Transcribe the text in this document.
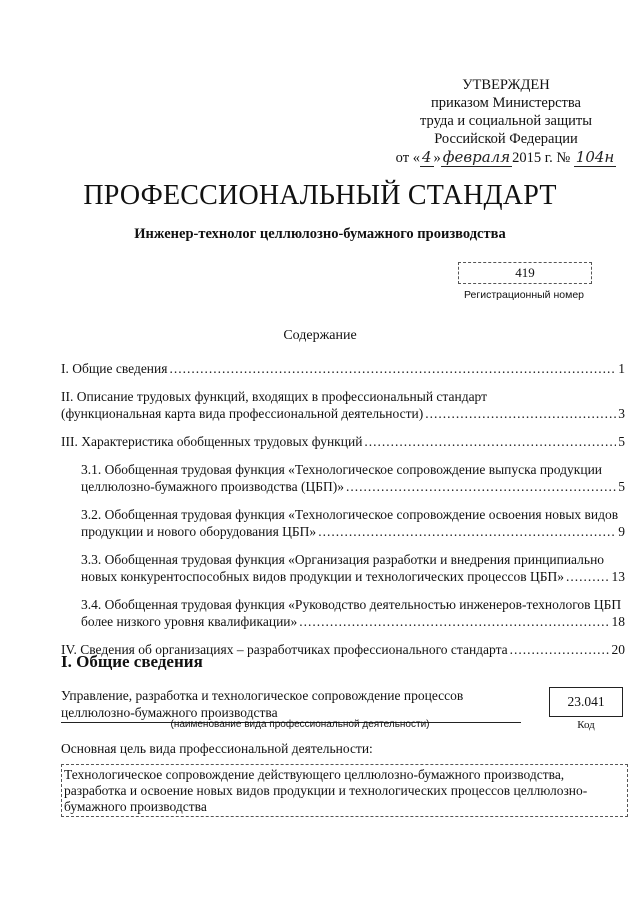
УТВЕРЖДЕН
приказом Министерства
труда и социальной защиты
Российской Федерации
от « 4 » февраля 2015 г. № 104н
ПРОФЕССИОНАЛЬНЫЙ СТАНДАРТ
Инженер-технолог целлюлозно-бумажного производства
419
Регистрационный номер
Содержание
I. Общие сведения .....	1
II. Описание трудовых функций, входящих в профессиональный стандарт
(функциональная карта вида профессиональной деятельности) .....	3
III. Характеристика обобщенных трудовых функций .....	5
3.1. Обобщенная трудовая функция «Технологическое сопровождение выпуска продукции
целлюлозно-бумажного производства (ЦБП)» .....	5
3.2. Обобщенная трудовая функция «Технологическое сопровождение освоения новых видов
продукции и нового оборудования ЦБП» .....	9
3.3. Обобщенная трудовая функция «Организация разработки и внедрения принципиально
новых конкурентоспособных видов продукции и технологических процессов ЦБП» .....	13
3.4. Обобщенная трудовая функция «Руководство деятельностью инженеров-технологов ЦБП
более низкого уровня квалификации» .....	18
IV. Сведения об организациях – разработчиках профессионального стандарта .....	20
I. Общие сведения
Управление, разработка и технологическое сопровождение процессов целлюлозно-бумажного производства
(наименование вида профессиональной деятельности)
23.041
Код
Основная цель вида профессиональной деятельности:
Технологическое сопровождение действующего целлюлозно-бумажного производства, разработка и освоение новых видов продукции и технологических процессов целлюлозно-бумажного производства
